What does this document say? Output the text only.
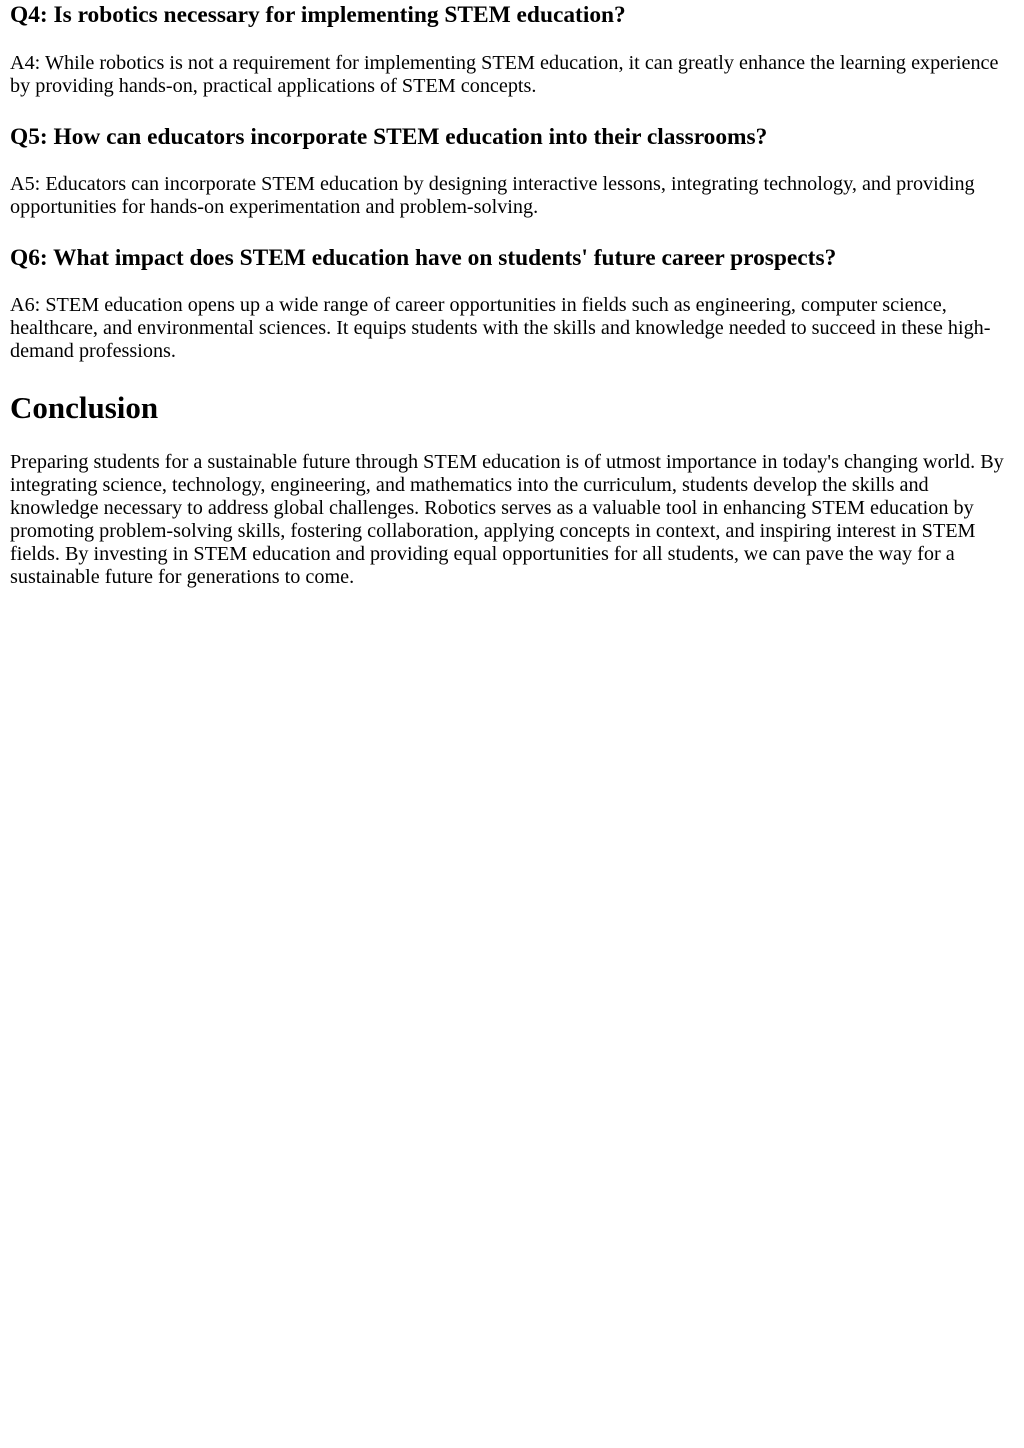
Q4: Is robotics necessary for implementing STEM education?

A4: While robotics is not a requirement for implementing STEM education, it can greatly enhance the learning experience by providing hands-on, practical applications of STEM concepts.

Q5: How can educators incorporate STEM education into their classrooms?

A5: Educators can incorporate STEM education by designing interactive lessons, integrating technology, and providing opportunities for hands-on experimentation and problem-solving.

Q6: What impact does STEM education have on students' future career prospects?

A6: STEM education opens up a wide range of career opportunities in fields such as engineering, computer science, healthcare, and environmental sciences. It equips students with the skills and knowledge needed to succeed in these high-demand professions.

Conclusion

Preparing students for a sustainable future through STEM education is of utmost importance in today's changing world. By integrating science, technology, engineering, and mathematics into the curriculum, students develop the skills and knowledge necessary to address global challenges. Robotics serves as a valuable tool in enhancing STEM education by promoting problem-solving skills, fostering collaboration, applying concepts in context, and inspiring interest in STEM fields. By investing in STEM education and providing equal opportunities for all students, we can pave the way for a sustainable future for generations to come.
